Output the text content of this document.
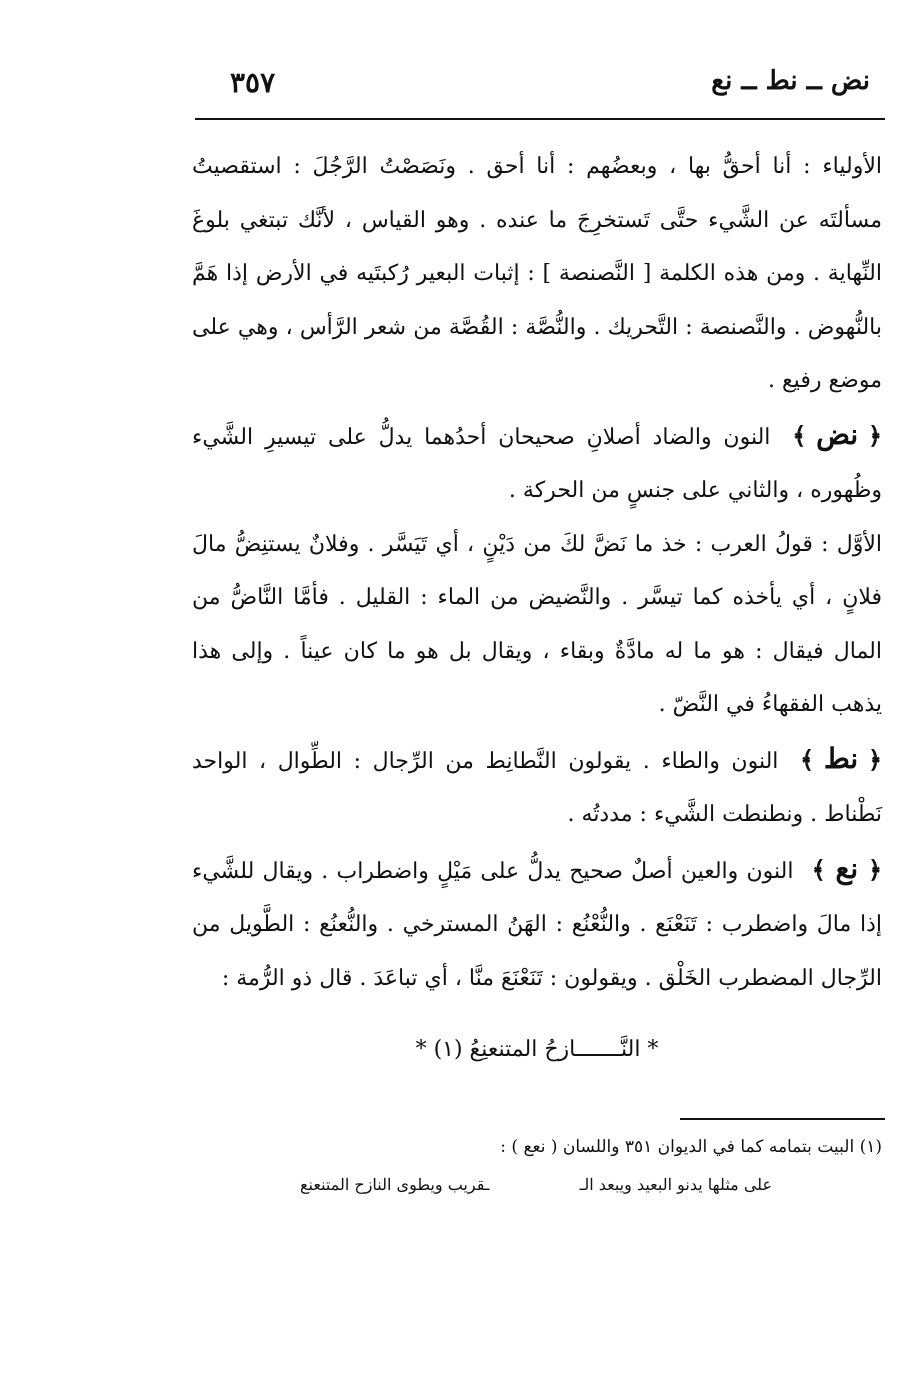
نض ــ نط ــ نع
٣٥٧

الأولياء : أنا أحقُّ بها ، وبعضُهم : أنا أحق . ونَصَصْتُ الرَّجُلَ : استقصيتُ مسألتَه عن الشَّيء حتَّى تَستخرِجَ ما عنده . وهو القياس ، لأنَّك تبتغي بلوغَ النِّهاية . ومن هذه الكلمة [ النَّصنصة ] : إثبات البعير رُكبتَيه في الأرض إذا هَمَّ بالنُّهوض . والنَّصنصة : التَّحريك . والنُّصَّة : القُصَّة من شعر الرَّأس ، وهي على موضع رفيع .

﴿ نض ﴾ النون والضاد أصلانِ صحيحان أحدُهما يدلُّ على تيسيرِ الشَّيء وظُهوره ، والثاني على جنسٍ من الحركة .

الأوَّل : قولُ العرب : خذ ما نَضَّ لكَ من دَيْنٍ ، أي تَيَسَّر . وفلانٌ يستنِضُّ مالَ فلانٍ ، أي يأخذه كما تيسَّر . والنَّضيض من الماء : القليل . فأمَّا النَّاضُّ من المال فيقال : هو ما له مادَّةٌ وبقاء ، ويقال بل هو ما كان عيناً . وإلى هذا يذهب الفقهاءُ في النَّضّ .

﴿ نط ﴾ النون والطاء . يقولون النَّطانِط من الرِّجال : الطِّوال ، الواحد نَطْناط . ونطنطت الشَّيء : مددتُه .

﴿ نع ﴾ النون والعين أصلٌ صحيح يدلُّ على مَيْلٍ واضطراب . ويقال للشَّيء إذا مالَ واضطرب : تَنَعْنَع . والنُّعْنُع : الهَنُ المسترخي . والنُّعنُع : الطَّويل من الرِّجال المضطرب الخَلْق . ويقولون : تَنَعْنَعَ منَّا ، أي تباعَدَ . قال ذو الرُّمة :

* النَّـــــــازحُ المتنعنِعُ (١) *
(١) البيت بتمامه كما في الديوان ٣٥١ واللسان ( نعع ) :
على مثلها يدنو البعيد ويبعد الـ
ـقريب ويطوى النازح المتنعنع
